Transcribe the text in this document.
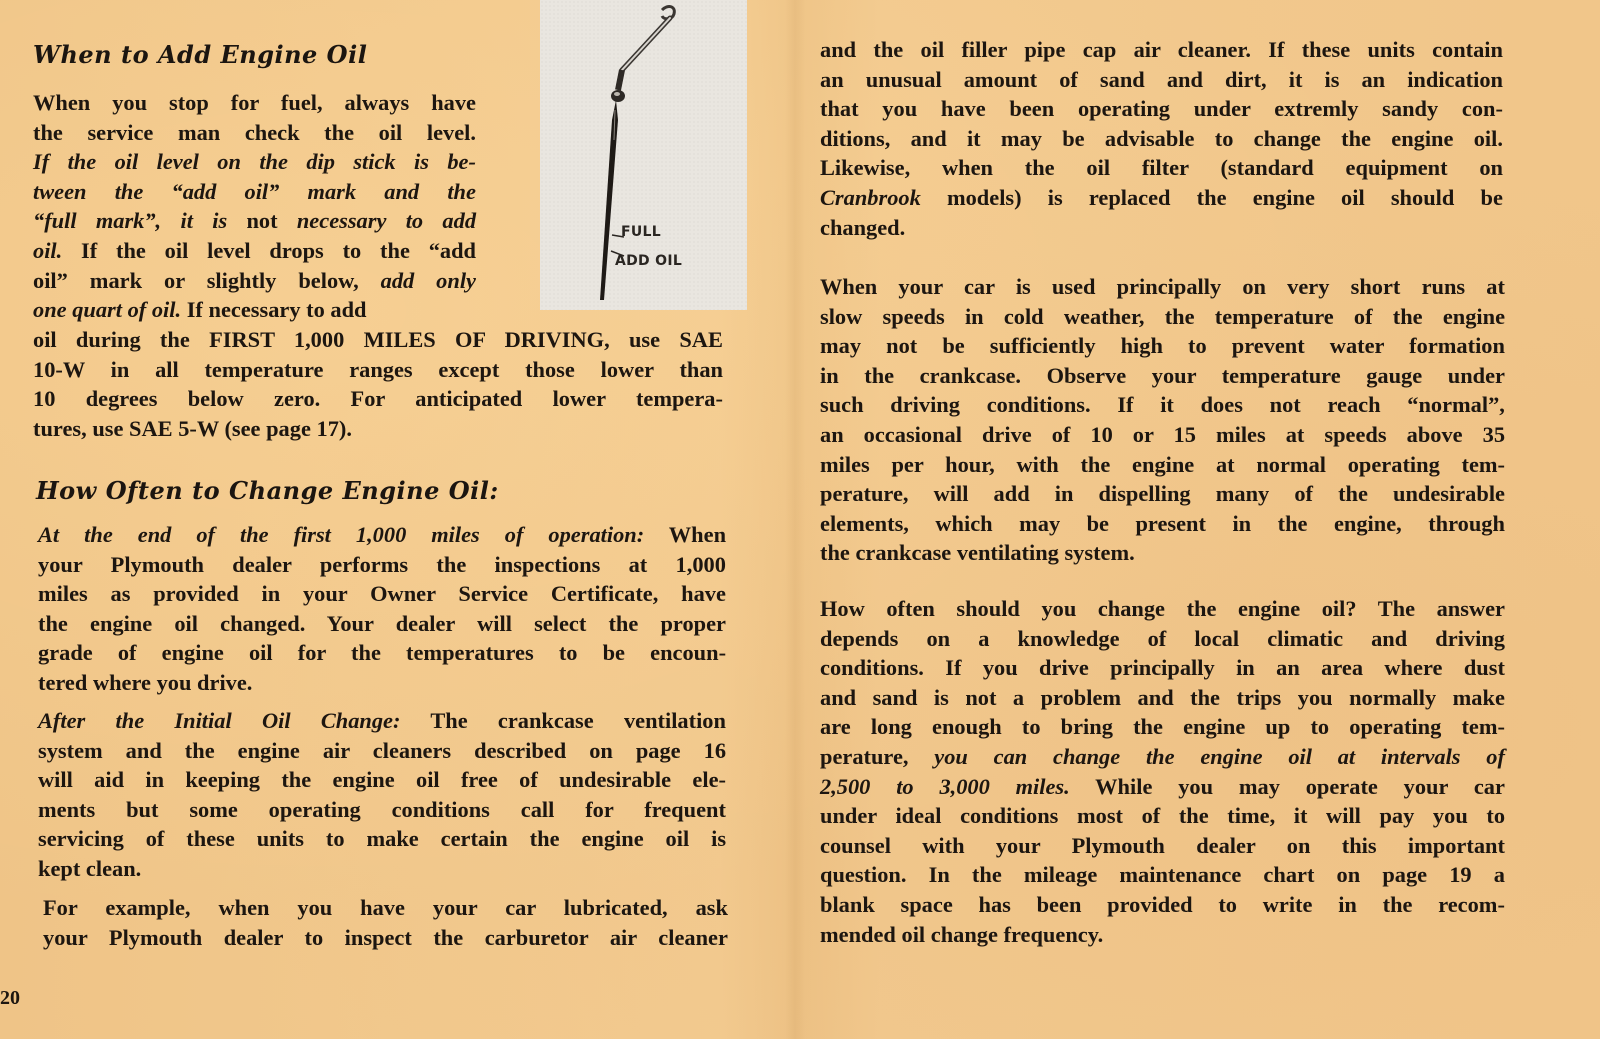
When to Add Engine Oil
When you stop for fuel, always have
the service man check the oil level.
If the oil level on the dip stick is be-
tween the “add oil” mark and the
“full mark”, it is not necessary to add
oil. If the oil level drops to the “add
oil” mark or slightly below, add only
one quart of oil. If necessary to add
oil during the FIRST 1,000 MILES OF DRIVING, use SAE
10-W in all temperature ranges except those lower than
10 degrees below zero. For anticipated lower tempera-
tures, use SAE 5-W (see page 17).
FULL
ADD OIL
How Often to Change Engine Oil:
At the end of the first 1,000 miles of operation: When
your Plymouth dealer performs the inspections at 1,000
miles as provided in your Owner Service Certificate, have
the engine oil changed. Your dealer will select the proper
grade of engine oil for the temperatures to be encoun-
tered where you drive.
After the Initial Oil Change: The crankcase ventilation
system and the engine air cleaners described on page 16
will aid in keeping the engine oil free of undesirable ele-
ments but some operating conditions call for frequent
servicing of these units to make certain the engine oil is
kept clean.
For example, when you have your car lubricated, ask
your Plymouth dealer to inspect the carburetor air cleaner
20
and the oil filler pipe cap air cleaner. If these units contain
an unusual amount of sand and dirt, it is an indication
that you have been operating under extremly sandy con-
ditions, and it may be advisable to change the engine oil.
Likewise, when the oil filter (standard equipment on
Cranbrook models) is replaced the engine oil should be
changed.
When your car is used principally on very short runs at
slow speeds in cold weather, the temperature of the engine
may not be sufficiently high to prevent water formation
in the crankcase. Observe your temperature gauge under
such driving conditions. If it does not reach “normal”,
an occasional drive of 10 or 15 miles at speeds above 35
miles per hour, with the engine at normal operating tem-
perature, will add in dispelling many of the undesirable
elements, which may be present in the engine, through
the crankcase ventilating system.
How often should you change the engine oil? The answer
depends on a knowledge of local climatic and driving
conditions. If you drive principally in an area where dust
and sand is not a problem and the trips you normally make
are long enough to bring the engine up to operating tem-
perature, you can change the engine oil at intervals of
2,500 to 3,000 miles. While you may operate your car
under ideal conditions most of the time, it will pay you to
counsel with your Plymouth dealer on this important
question. In the mileage maintenance chart on page 19 a
blank space has been provided to write in the recom-
mended oil change frequency.
